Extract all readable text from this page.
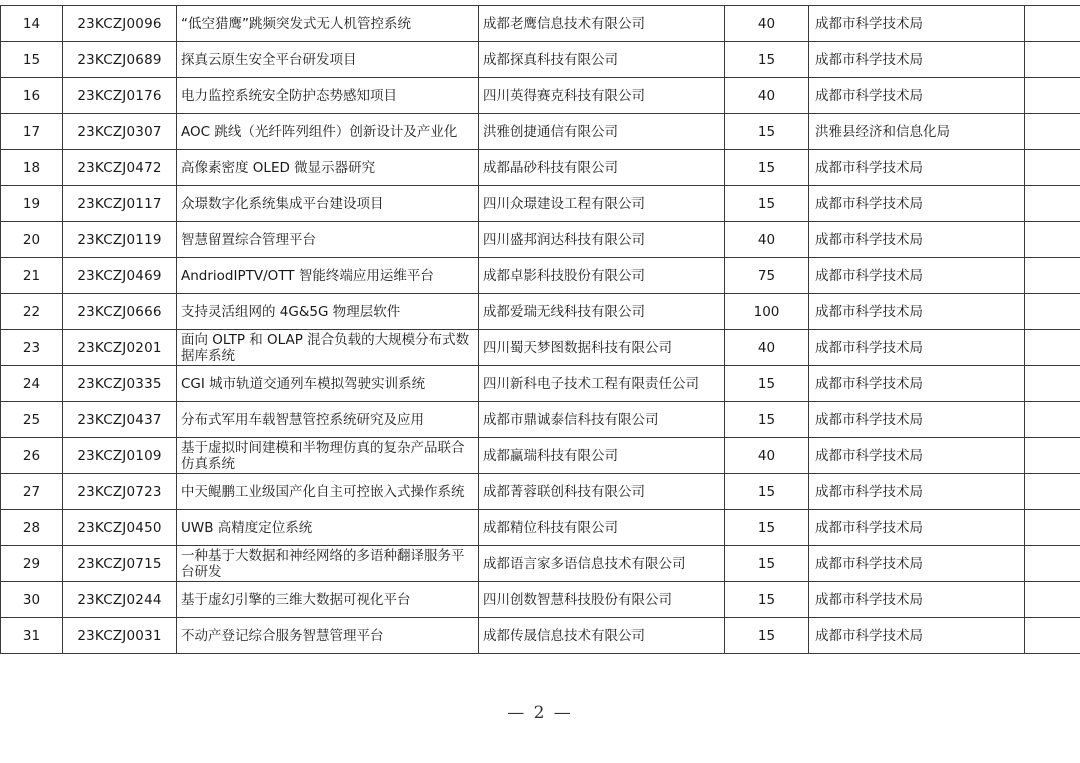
14	23KCZJ0096	“低空猎鹰”跳频突发式无人机管控系统	成都老鹰信息技术有限公司	40	成都市科学技术局	
15	23KCZJ0689	探真云原生安全平台研发项目	成都探真科技有限公司	15	成都市科学技术局	
16	23KCZJ0176	电力监控系统安全防护态势感知项目	四川英得赛克科技有限公司	40	成都市科学技术局	
17	23KCZJ0307	AOC 跳线（光纤阵列组件）创新设计及产业化	洪雅创捷通信有限公司	15	洪雅县经济和信息化局	
18	23KCZJ0472	高像素密度 OLED 微显示器研究	成都晶砂科技有限公司	15	成都市科学技术局	
19	23KCZJ0117	众璟数字化系统集成平台建设项目	四川众璟建设工程有限公司	15	成都市科学技术局	
20	23KCZJ0119	智慧留置综合管理平台	四川盛邦润达科技有限公司	40	成都市科学技术局	
21	23KCZJ0469	AndriodIPTV/OTT 智能终端应用运维平台	成都卓影科技股份有限公司	75	成都市科学技术局	
22	23KCZJ0666	支持灵活组网的 4G&5G 物理层软件	成都爱瑞无线科技有限公司	100	成都市科学技术局	
23	23KCZJ0201	面向 OLTP 和 OLAP 混合负载的大规模分布式数据库系统	四川蜀天梦图数据科技有限公司	40	成都市科学技术局	
24	23KCZJ0335	CGI 城市轨道交通列车模拟驾驶实训系统	四川新科电子技术工程有限责任公司	15	成都市科学技术局	
25	23KCZJ0437	分布式军用车载智慧管控系统研究及应用	成都市鼎诚泰信科技有限公司	15	成都市科学技术局	
26	23KCZJ0109	基于虚拟时间建模和半物理仿真的复杂产品联合仿真系统	成都赢瑞科技有限公司	40	成都市科学技术局	
27	23KCZJ0723	中天鲲鹏工业级国产化自主可控嵌入式操作系统	成都菁蓉联创科技有限公司	15	成都市科学技术局	
28	23KCZJ0450	UWB 高精度定位系统	成都精位科技有限公司	15	成都市科学技术局	
29	23KCZJ0715	一种基于大数据和神经网络的多语种翻译服务平台研发	成都语言家多语信息技术有限公司	15	成都市科学技术局	
30	23KCZJ0244	基于虚幻引擎的三维大数据可视化平台	四川创数智慧科技股份有限公司	15	成都市科学技术局	
31	23KCZJ0031	不动产登记综合服务智慧管理平台	成都传晟信息技术有限公司	15	成都市科学技术局	
— 2 —
